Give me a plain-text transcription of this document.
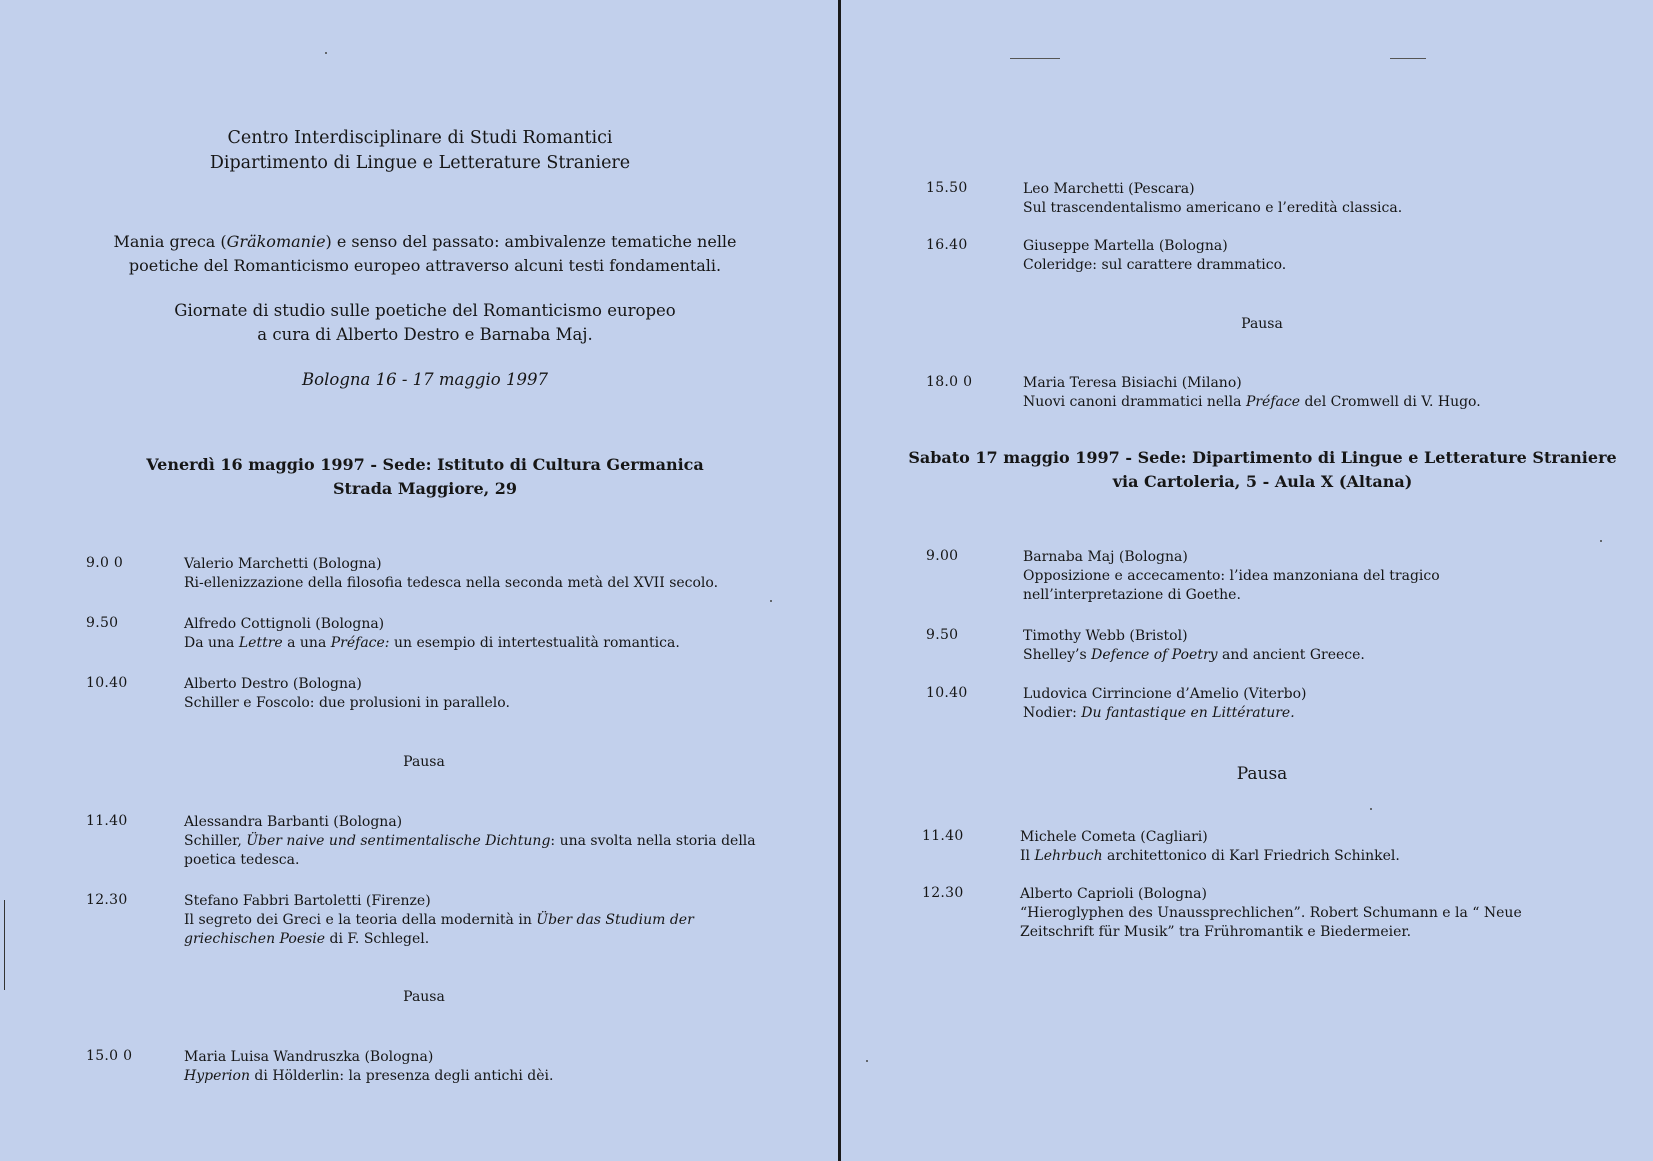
Centro Interdisciplinare di Studi Romantici
Dipartimento di Lingue e Letterature Straniere
Mania greca (Gräkomanie) e senso del passato: ambivalenze tematiche nelle
poetiche del Romanticismo europeo attraverso alcuni testi fondamentali.
Giornate di studio sulle poetiche del Romanticismo europeo
a cura di Alberto Destro e Barnaba Maj.
Bologna 16 - 17 maggio 1997
Venerdì 16 maggio 1997 - Sede: Istituto di Cultura Germanica
Strada Maggiore, 29
9.0 0	Valerio Marchetti (Bologna)
Ri-ellenizzazione della filosofia tedesca nella seconda metà del XVII secolo.
9.50	Alfredo Cottignoli (Bologna)
Da una Lettre a una Préface: un esempio di intertestualità romantica.
10.40	Alberto Destro (Bologna)
Schiller e Foscolo: due prolusioni in parallelo.
Pausa
11.40	Alessandra Barbanti (Bologna)
Schiller, Über naive und sentimentalische Dichtung: una svolta nella storia della poetica tedesca.
12.30	Stefano Fabbri Bartoletti (Firenze)
Il segreto dei Greci e la teoria della modernità in Über das Studium der griechischen Poesie di F. Schlegel.
Pausa
15.0 0	Maria Luisa Wandruszka (Bologna)
Hyperion di Hölderlin: la presenza degli antichi dèi.
15.50	Leo Marchetti (Pescara)
Sul trascendentalismo americano e l’eredità classica.
16.40	Giuseppe Martella (Bologna)
Coleridge: sul carattere drammatico.
Pausa
18.0 0	Maria Teresa Bisiachi (Milano)
Nuovi canoni drammatici nella Préface del Cromwell di V. Hugo.
Sabato 17 maggio 1997 - Sede: Dipartimento di Lingue e Letterature Straniere
via Cartoleria, 5 - Aula X (Altana)
9.00	Barnaba Maj (Bologna)
Opposizione e accecamento: l’idea manzoniana del tragico nell’interpretazione di Goethe.
9.50	Timothy Webb (Bristol)
Shelley’s Defence of Poetry and ancient Greece.
10.40	Ludovica Cirrincione d’Amelio (Viterbo)
Nodier: Du fantastique en Littérature.
Pausa
11.40	Michele Cometa (Cagliari)
Il Lehrbuch architettonico di Karl Friedrich Schinkel.
12.30	Alberto Caprioli (Bologna)
“Hieroglyphen des Unaussprechlichen”. Robert Schumann e la “ Neue Zeitschrift für Musik” tra Frühromantik e Biedermeier.
